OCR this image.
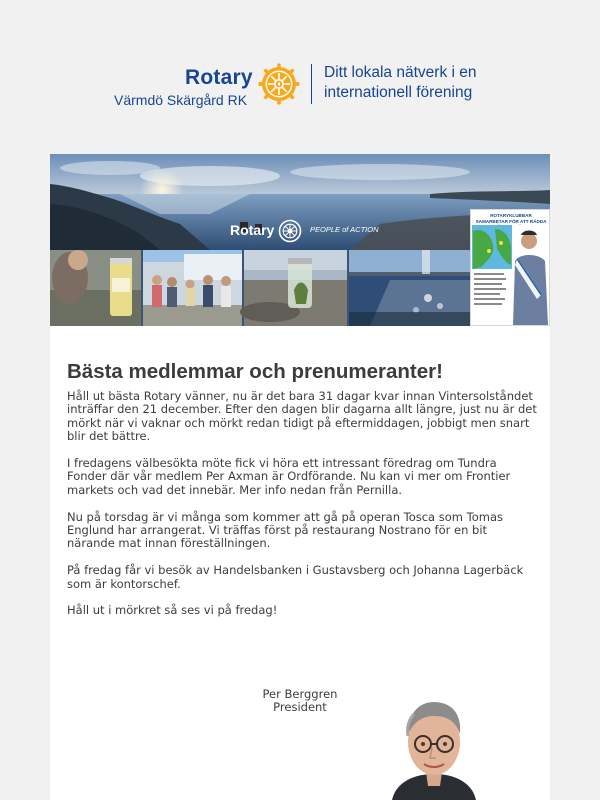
Rotary
Värmdö Skärgård RK
Ditt lokala nätverk i en
internationell förening
Rotary	PEOPLE of ACTION
ROTARYKLUBBAR SAMARBETAR FÖR ATT RÄDDA
Bästa medlemmar och prenumeranter!

Håll ut bästa Rotary vänner, nu är det bara 31 dagar kvar innan Vintersolståndet inträffar den 21 december. Efter den dagen blir dagarna allt längre, just nu är det mörkt när vi vaknar och mörkt redan tidigt på eftermiddagen, jobbigt men snart blir det bättre.

I fredagens välbesökta möte fick vi höra ett intressant föredrag om Tundra Fonder där vår medlem Per Axman är Ordförande. Nu kan vi mer om Frontier markets och vad det innebär. Mer info nedan från Pernilla.

Nu på torsdag är vi många som kommer att gå på operan Tosca som Tomas Englund har arrangerat. Vi träffas först på restaurang Nostrano för en bit närande mat innan föreställningen.

På fredag får vi besök av Handelsbanken i Gustavsberg och Johanna Lagerbäck som är kontorschef.

Håll ut i mörkret så ses vi på fredag!

Per Berggren
President
